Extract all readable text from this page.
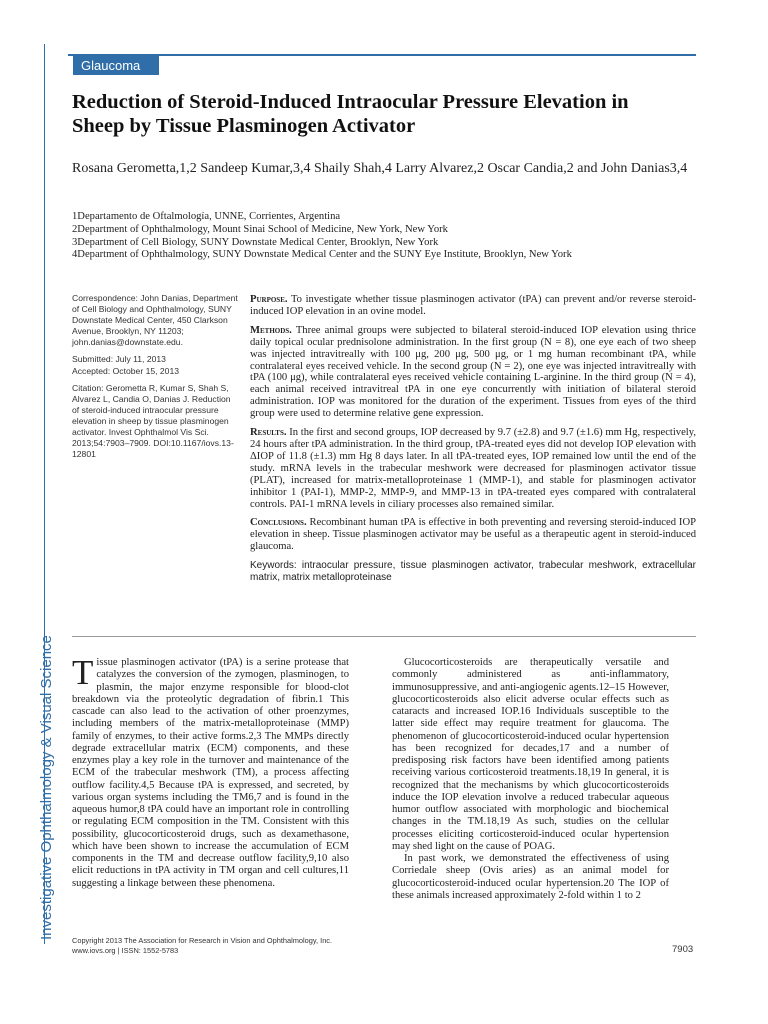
Glaucoma
Investigative Ophthalmology & Visual Science
Reduction of Steroid-Induced Intraocular Pressure Elevation in Sheep by Tissue Plasminogen Activator
Rosana Gerometta,1,2 Sandeep Kumar,3,4 Shaily Shah,4 Larry Alvarez,2 Oscar Candia,2 and John Danias3,4
1Departamento de Oftalmología, UNNE, Corrientes, Argentina
2Department of Ophthalmology, Mount Sinai School of Medicine, New York, New York
3Department of Cell Biology, SUNY Downstate Medical Center, Brooklyn, New York
4Department of Ophthalmology, SUNY Downstate Medical Center and the SUNY Eye Institute, Brooklyn, New York

Correspondence: John Danias, Department of Cell Biology and Ophthalmology, SUNY Downstate Medical Center, 450 Clarkson Avenue, Brooklyn, NY 11203; john.danias@downstate.edu.

Submitted: July 11, 2013

Accepted: October 15, 2013

Citation: Gerometta R, Kumar S, Shah S, Alvarez L, Candia O, Danias J. Reduction of steroid-induced intraocular pressure elevation in sheep by tissue plasminogen activator. Invest Ophthalmol Vis Sci. 2013;54:7903–7909. DOI:10.1167/iovs.13-12801

Purpose. To investigate whether tissue plasminogen activator (tPA) can prevent and/or reverse steroid-induced IOP elevation in an ovine model.

Methods. Three animal groups were subjected to bilateral steroid-induced IOP elevation using thrice daily topical ocular prednisolone administration. In the first group (N = 8), one eye each of two sheep was injected intravitreally with 100 μg, 200 μg, 500 μg, or 1 mg human recombinant tPA, while contralateral eyes received vehicle. In the second group (N = 2), one eye was injected intravitreally with tPA (100 μg), while contralateral eyes received vehicle containing L-arginine. In the third group (N = 4), each animal received intravitreal tPA in one eye concurrently with initiation of bilateral steroid administration. IOP was monitored for the duration of the experiment. Tissues from eyes of the third group were used to determine relative gene expression.

Results. In the first and second groups, IOP decreased by 9.7 (±2.8) and 9.7 (±1.6) mm Hg, respectively, 24 hours after tPA administration. In the third group, tPA-treated eyes did not develop IOP elevation with ΔIOP of 11.8 (±1.3) mm Hg 8 days later. In all tPA-treated eyes, IOP remained low until the end of the study. mRNA levels in the trabecular meshwork were decreased for plasminogen activator tissue (PLAT), increased for matrix-metalloproteinase 1 (MMP-1), and stable for plasminogen activator inhibitor 1 (PAI-1), MMP-2, MMP-9, and MMP-13 in tPA-treated eyes compared with contralateral controls. PAI-1 mRNA levels in ciliary processes also remained similar.

Conclusions. Recombinant human tPA is effective in both preventing and reversing steroid-induced IOP elevation in sheep. Tissue plasminogen activator may be useful as a therapeutic agent in steroid-induced glaucoma.

Keywords: intraocular pressure, tissue plasminogen activator, trabecular meshwork, extracellular matrix, matrix metalloproteinase

Tissue plasminogen activator (tPA) is a serine protease that catalyzes the conversion of the zymogen, plasminogen, to plasmin, the major enzyme responsible for blood-clot breakdown via the proteolytic degradation of fibrin.1 This cascade can also lead to the activation of other proenzymes, including members of the matrix-metalloproteinase (MMP) family of enzymes, to their active forms.2,3 The MMPs directly degrade extracellular matrix (ECM) components, and these enzymes play a key role in the turnover and maintenance of the ECM of the trabecular meshwork (TM), a process affecting outflow facility.4,5 Because tPA is expressed, and secreted, by various organ systems including the TM6,7 and is found in the aqueous humor,8 tPA could have an important role in controlling or regulating ECM composition in the TM. Consistent with this possibility, glucocorticosteroid drugs, such as dexamethasone, which have been shown to increase the accumulation of ECM components in the TM and decrease outflow facility,9,10 also elicit reductions in tPA activity in TM organ and cell cultures,11 suggesting a linkage between these phenomena.

Glucocorticosteroids are therapeutically versatile and commonly administered as anti-inflammatory, immunosuppressive, and anti-angiogenic agents.12–15 However, glucocorticosteroids also elicit adverse ocular effects such as cataracts and increased IOP.16 Individuals susceptible to the latter side effect may require treatment for glaucoma. The phenomenon of glucocorticosteroid-induced ocular hypertension has been recognized for decades,17 and a number of predisposing risk factors have been identified among patients receiving various corticosteroid treatments.18,19 In general, it is recognized that the mechanisms by which glucocorticosteroids induce the IOP elevation involve a reduced trabecular aqueous humor outflow associated with morphologic and biochemical changes in the TM.18,19 As such, studies on the cellular processes eliciting corticosteroid-induced ocular hypertension may shed light on the cause of POAG.

In past work, we demonstrated the effectiveness of using Corriedale sheep (Ovis aries) as an animal model for glucocorticosteroid-induced ocular hypertension.20 The IOP of these animals increased approximately 2-fold within 1 to 2

Copyright 2013 The Association for Research in Vision and Ophthalmology, Inc.
www.iovs.org | ISSN: 1552-5783	7903
